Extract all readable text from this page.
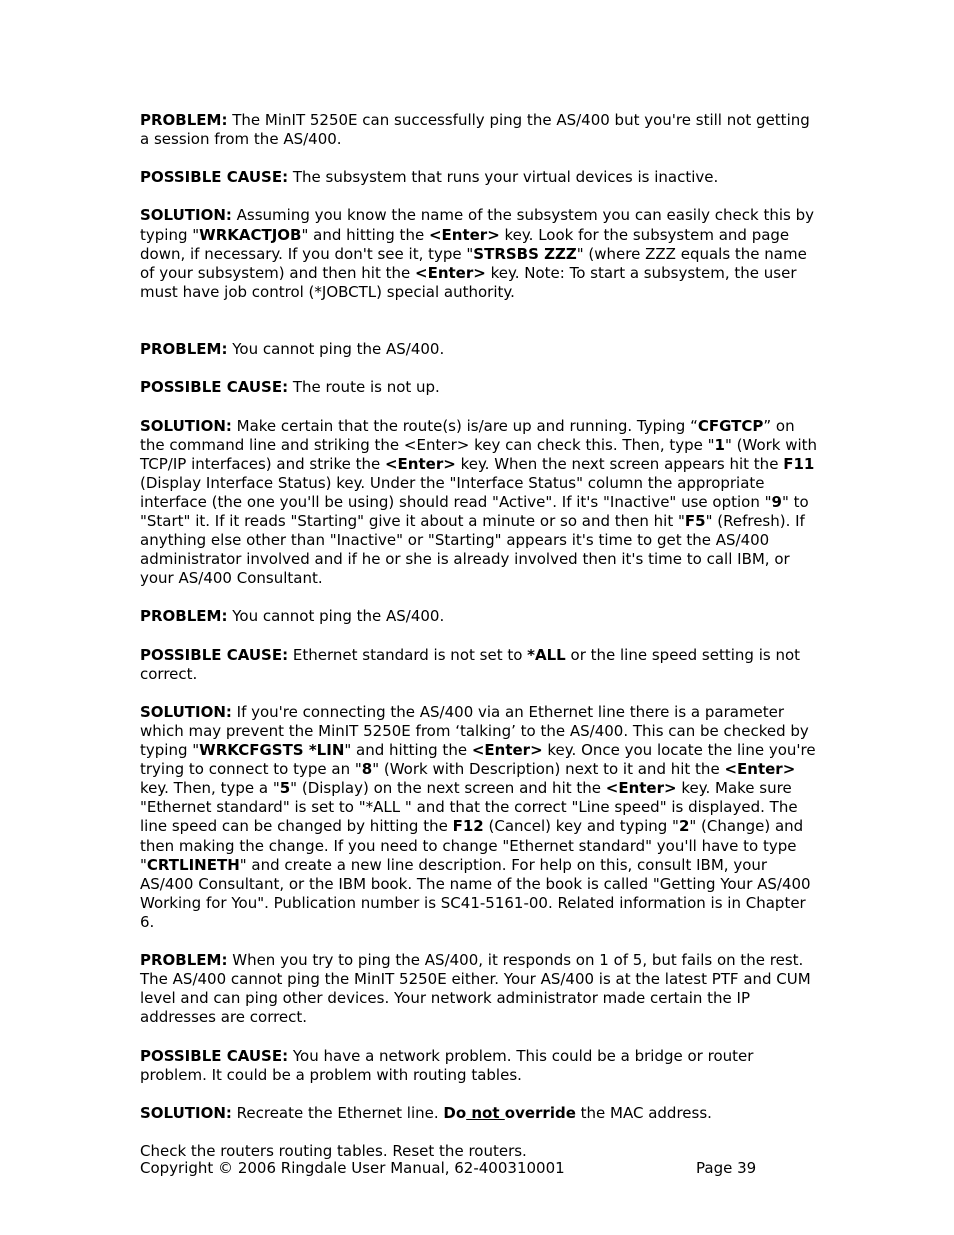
PROBLEM: The MinIT 5250E can successfully ping the AS/400 but you're still not getting a session from the AS/400.
POSSIBLE CAUSE: The subsystem that runs your virtual devices is inactive.
SOLUTION: Assuming you know the name of the subsystem you can easily check this by typing "WRKACTJOB" and hitting the <Enter> key. Look for the subsystem and page down, if necessary. If you don't see it, type "STRSBS ZZZ" (where ZZZ equals the name of your subsystem) and then hit the <Enter> key. Note: To start a subsystem, the user must have job control (*JOBCTL) special authority.
PROBLEM: You cannot ping the AS/400.
POSSIBLE CAUSE: The route is not up.
SOLUTION: Make certain that the route(s) is/are up and running. Typing “CFGTCP” on the command line and striking the <Enter> key can check this. Then, type "1" (Work with TCP/IP interfaces) and strike the <Enter> key. When the next screen appears hit the F11 (Display Interface Status) key. Under the "Interface Status" column the appropriate interface (the one you'll be using) should read "Active". If it's "Inactive" use option "9" to "Start" it. If it reads "Starting" give it about a minute or so and then hit "F5" (Refresh). If anything else other than "Inactive" or "Starting" appears it's time to get the AS/400 administrator involved and if he or she is already involved then it's time to call IBM, or your AS/400 Consultant.
PROBLEM: You cannot ping the AS/400.
POSSIBLE CAUSE: Ethernet standard is not set to *ALL or the line speed setting is not correct.
SOLUTION: If you're connecting the AS/400 via an Ethernet line there is a parameter which may prevent the MinIT 5250E from ‘talking’ to the AS/400. This can be checked by typing "WRKCFGSTS *LIN" and hitting the <Enter> key. Once you locate the line you're trying to connect to type an "8" (Work with Description) next to it and hit the <Enter> key. Then, type a "5" (Display) on the next screen and hit the <Enter> key. Make sure "Ethernet standard" is set to "*ALL " and that the correct "Line speed" is displayed. The line speed can be changed by hitting the F12 (Cancel) key and typing "2" (Change) and then making the change. If you need to change "Ethernet standard" you'll have to type "CRTLINETH" and create a new line description. For help on this, consult IBM, your AS/400 Consultant, or the IBM book. The name of the book is called "Getting Your AS/400 Working for You". Publication number is SC41-5161-00. Related information is in Chapter 6.
PROBLEM: When you try to ping the AS/400, it responds on 1 of 5, but fails on the rest. The AS/400 cannot ping the MinIT 5250E either. Your AS/400 is at the latest PTF and CUM level and can ping other devices. Your network administrator made certain the IP addresses are correct.
POSSIBLE CAUSE: You have a network problem. This could be a bridge or router problem. It could be a problem with routing tables.
SOLUTION: Recreate the Ethernet line. Do not override the MAC address.
Check the routers routing tables. Reset the routers.
Copyright © 2006 Ringdale User Manual, 62-400310001	Page 39
